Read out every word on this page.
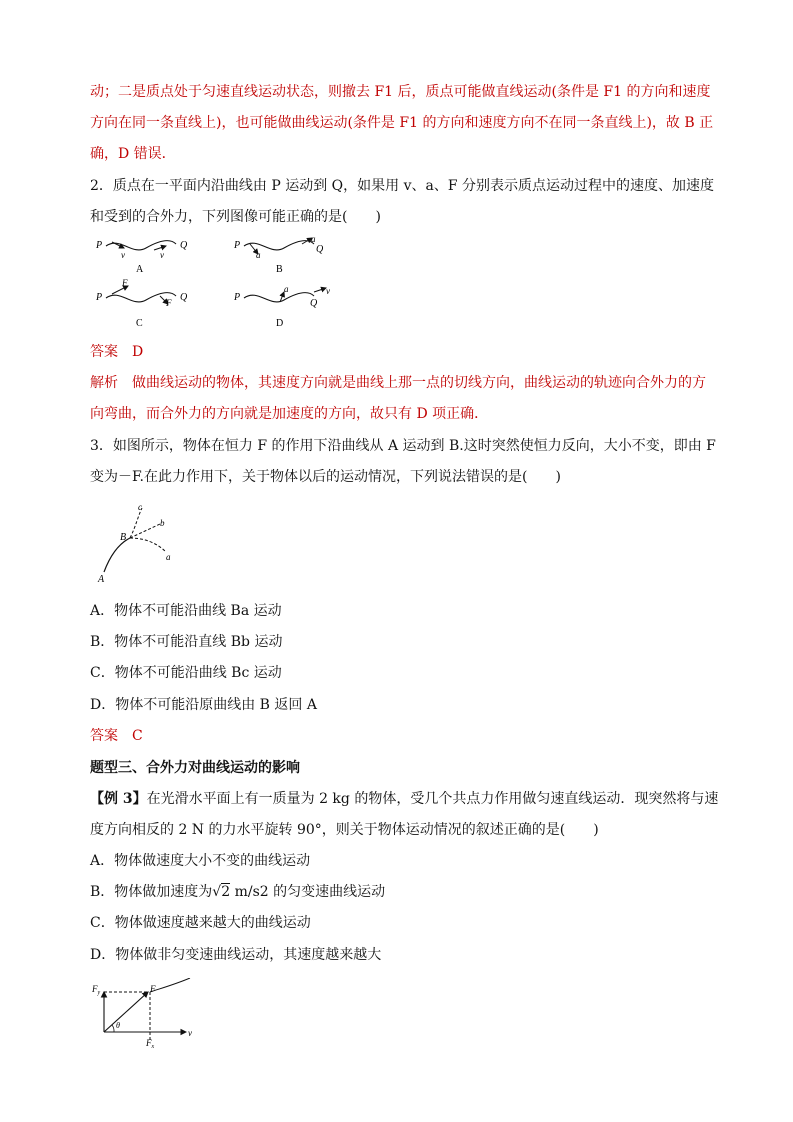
动；二是质点处于匀速直线运动状态，则撤去 F1 后，质点可能做直线运动(条件是 F1 的方向和速度
方向在同一条直线上)，也可能做曲线运动(条件是 F1 的方向和速度方向不在同一条直线上)，故 B 正
确，D 错误．
2．质点在一平面内沿曲线由 P 运动到 Q，如果用 v、a、F 分别表示质点运动过程中的速度、加速度
和受到的合外力，下列图像可能正确的是(　　)
P
v	v
Q
A
P
a
a
Q
B
P
F
F Q
C
P
a	v
Q
D
答案 D
解析 做曲线运动的物体，其速度方向就是曲线上那一点的切线方向，曲线运动的轨迹向合外力的方
向弯曲，而合外力的方向就是加速度的方向，故只有 D 项正确．
3．如图所示，物体在恒力 F 的作用下沿曲线从 A 运动到 B.这时突然使恒力反向，大小不变，即由 F
变为－F.在此力作用下，关于物体以后的运动情况，下列说法错误的是(　　)
A
B
c
b
a
A．物体不可能沿曲线 Ba 运动
B．物体不可能沿直线 Bb 运动
C．物体不可能沿曲线 Bc 运动
D．物体不可能沿原曲线由 B 返回 A
答案 C
题型三、合外力对曲线运动的影响
【例 3】在光滑水平面上有一质量为 2 kg 的物体，受几个共点力作用做匀速直线运动．现突然将与速
度方向相反的 2 N 的力水平旋转 90°，则关于物体运动情况的叙述正确的是(　　)
A．物体做速度大小不变的曲线运动
B．物体做加速度为√2 m/s2 的匀变速曲线运动
C．物体做速度越来越大的曲线运动
D．物体做非匀变速曲线运动，其速度越来越大
$F_y$	F
θ
v
$F_x$
